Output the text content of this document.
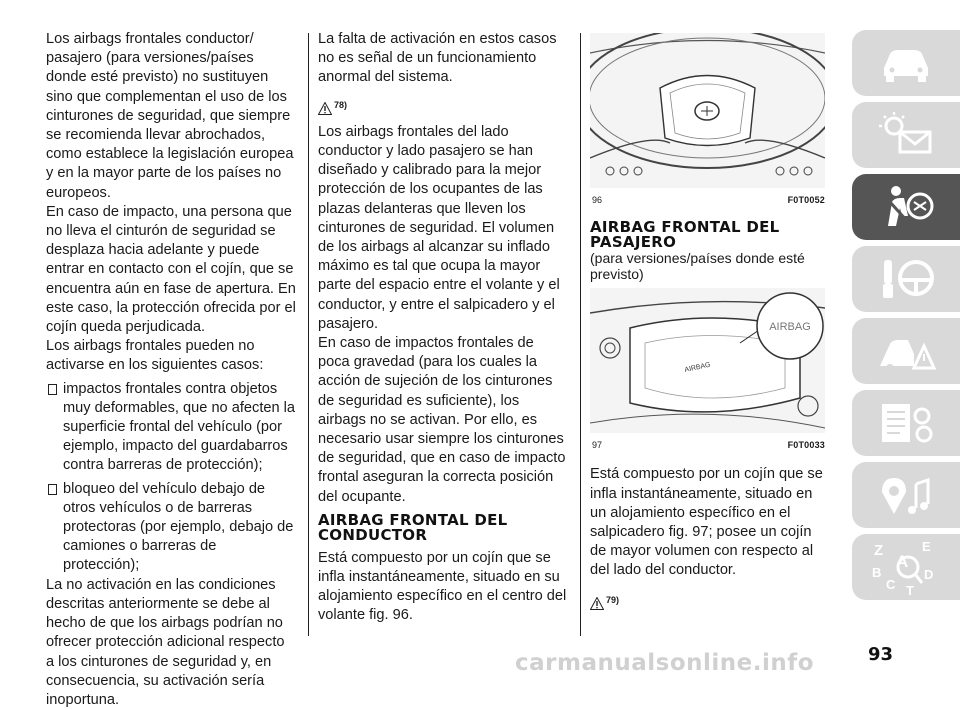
Los airbags frontales conductor/ pasajero (para versiones/países donde esté previsto) no sustituyen sino que complementan el uso de los cinturones de seguridad, que siempre se recomienda llevar abrochados, como establece la legislación europea y en la mayor parte de los países no europeos.

En caso de impacto, una persona que no lleva el cinturón de seguridad se desplaza hacia adelante y puede entrar en contacto con el cojín, que se encuentra aún en fase de apertura. En este caso, la protección ofrecida por el cojín queda perjudicada.

Los airbags frontales pueden no activarse en los siguientes casos:

impactos frontales contra objetos muy deformables, que no afecten la superficie frontal del vehículo (por ejemplo, impacto del guardabarros contra barreras de protección);
bloqueo del vehículo debajo de otros vehículos o de barreras protectoras (por ejemplo, debajo de camiones o barreras de protección);

La no activación en las condiciones descritas anteriormente se debe al hecho de que los airbags podrían no ofrecer protección adicional respecto a los cinturones de seguridad y, en consecuencia, su activación sería inoportuna.

La falta de activación en estos casos no es señal de un funcionamiento anormal del sistema.

78)

Los airbags frontales del lado conductor y lado pasajero se han diseñado y calibrado para la mejor protección de los ocupantes de las plazas delanteras que lleven los cinturones de seguridad. El volumen de los airbags al alcanzar su inflado máximo es tal que ocupa la mayor parte del espacio entre el volante y el conductor, y entre el salpicadero y el pasajero.

En caso de impactos frontales de poca gravedad (para los cuales la acción de sujeción de los cinturones de seguridad es suficiente), los airbags no se activan. Por ello, es necesario usar siempre los cinturones de seguridad, que en caso de impacto frontal aseguran la correcta posición del ocupante.

AIRBAG FRONTAL DEL CONDUCTOR

Está compuesto por un cojín que se infla instantáneamente, situado en su alojamiento específico en el centro del volante fig. 96.

96	F0T0052
AIRBAG FRONTAL DEL PASAJERO
(para versiones/países donde esté previsto)
AIRBAG
AIRBAG
97	F0T0033

Está compuesto por un cojín que se infla instantáneamente, situado en un alojamiento específico en el salpicadero fig. 97; posee un cojín de mayor volumen con respecto al del lado del conductor.

79)
Z	E
A
B	D
C T
carmanualsonline.info	93
